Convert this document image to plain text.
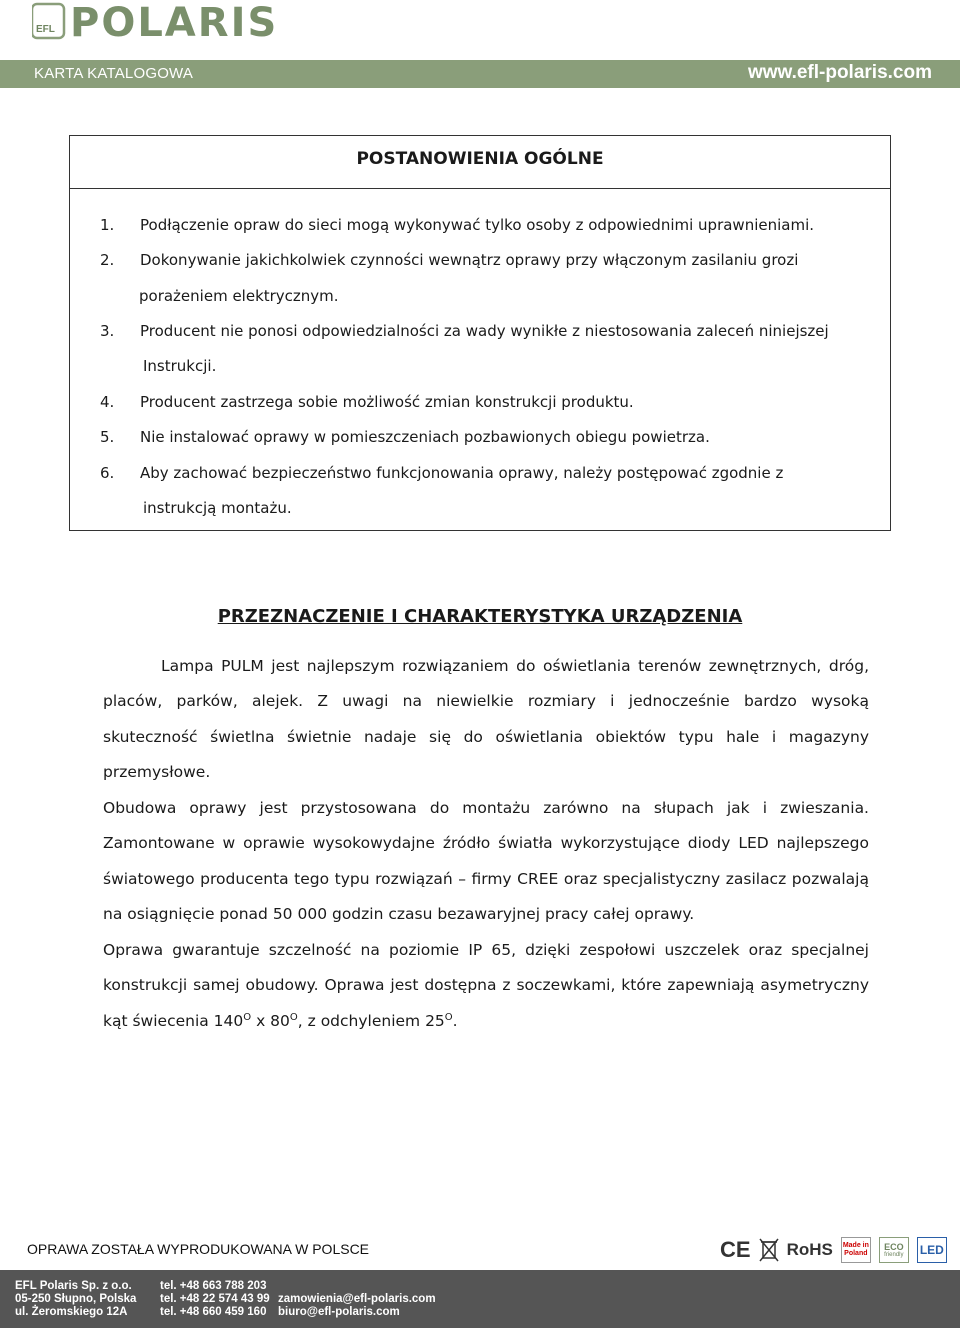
EFL POLARIS
KARTA KATALOGOWA	www.efl-polaris.com
POSTANOWIENIA OGÓLNE
1. Podłączenie opraw do sieci mogą wykonywać tylko osoby z odpowiednimi uprawnieniami.
2. Dokonywanie jakichkolwiek czynności wewnątrz oprawy przy włączonym zasilaniu grozi
porażeniem elektrycznym.
3. Producent nie ponosi odpowiedzialności za wady wynikłe z niestosowania zaleceń niniejszej
Instrukcji.
4. Producent zastrzega sobie możliwość zmian konstrukcji produktu.
5. Nie instalować oprawy w pomieszczeniach pozbawionych obiegu powietrza.
6. Aby zachować bezpieczeństwo funkcjonowania oprawy, należy postępować zgodnie z
instrukcją montażu.
PRZEZNACZENIE I CHARAKTERYSTYKA URZĄDZENIA
Lampa PULM jest najlepszym rozwiązaniem do oświetlania terenów zewnętrznych, dróg,
placów, parków, alejek. Z uwagi na niewielkie rozmiary i jednocześnie bardzo wysoką
skuteczność świetlna świetnie nadaje się do oświetlania obiektów typu hale i magazyny
przemysłowe.
Obudowa oprawy jest przystosowana do montażu zarówno na słupach jak i zwieszania.
Zamontowane w oprawie wysokowydajne źródło światła wykorzystujące diody LED najlepszego
światowego producenta tego typu rozwiązań – firmy CREE oraz specjalistyczny zasilacz pozwalają
na osiągnięcie ponad 50 000 godzin czasu bezawaryjnej pracy całej oprawy.
Oprawa gwarantuje szczelność na poziomie IP 65, dzięki zespołowi uszczelek oraz specjalnej
konstrukcji samej obudowy. Oprawa jest dostępna z soczewkami, które zapewniają asymetryczny
kąt świecenia $140^O$ x $80^O$, z odchyleniem $25^O$.
OPRAWA ZOSTAŁA WYPRODUKOWANA W POLSCE	CE RoHS Made in
Poland
ECO
friendly LED
EFL Polaris Sp. z o.o.
05-250 Słupno, Polska
ul. Żeromskiego 12A
tel. +48 663 788 203
tel. +48 22 574 43 99
tel. +48 660 459 160
zamowienia@efl-polaris.com
biuro@efl-polaris.com
